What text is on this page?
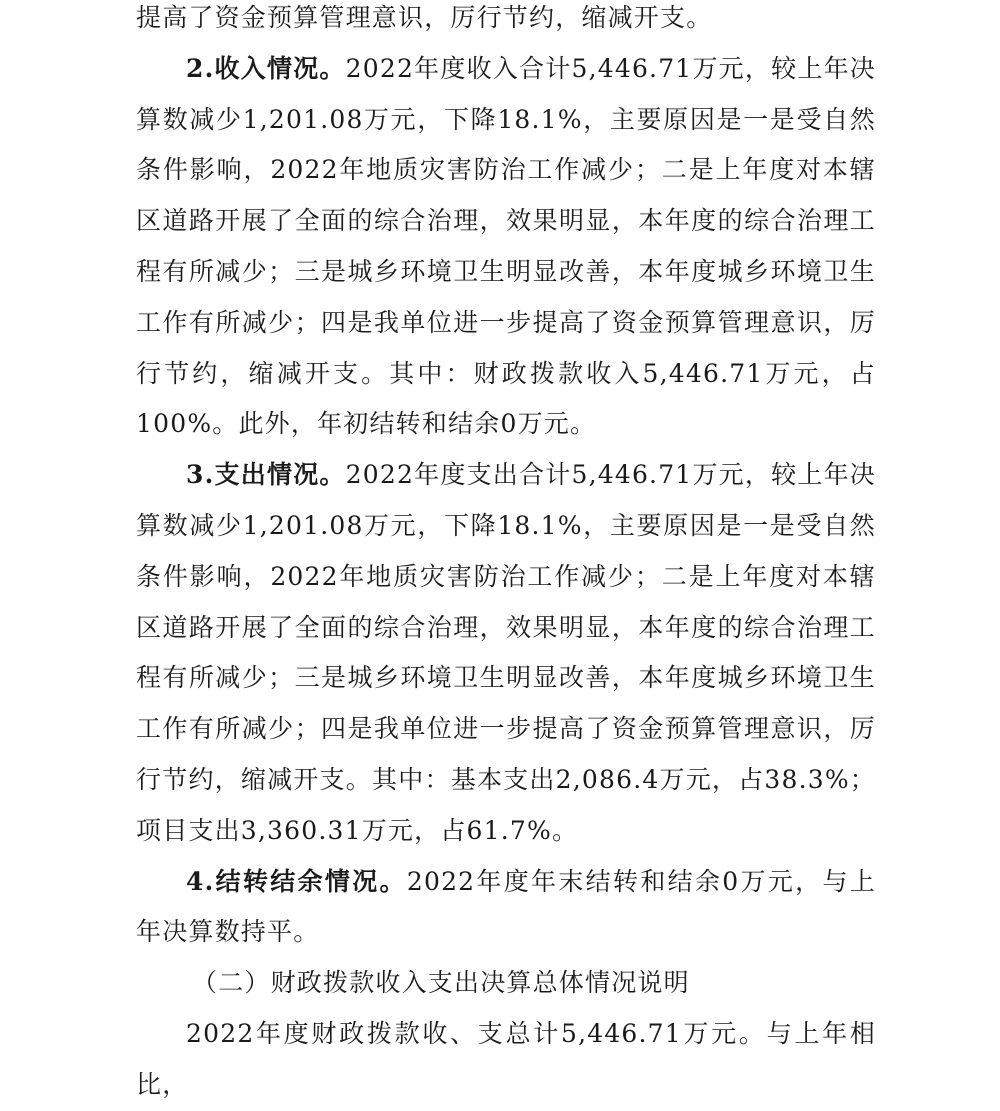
提高了资金预算管理意识，厉行节约，缩减开支。

2.收入情况。2022年度收入合计5,446.71万元，较上年决算数减少1,201.08万元，下降18.1%，主要原因是一是受自然条件影响，2022年地质灾害防治工作减少；二是上年度对本辖区道路开展了全面的综合治理，效果明显，本年度的综合治理工程有所减少；三是城乡环境卫生明显改善，本年度城乡环境卫生工作有所减少；四是我单位进一步提高了资金预算管理意识，厉行节约，缩减开支。其中：财政拨款收入5,446.71万元，占100%。此外，年初结转和结余0万元。

3.支出情况。2022年度支出合计5,446.71万元，较上年决算数减少1,201.08万元，下降18.1%，主要原因是一是受自然条件影响，2022年地质灾害防治工作减少；二是上年度对本辖区道路开展了全面的综合治理，效果明显，本年度的综合治理工程有所减少；三是城乡环境卫生明显改善，本年度城乡环境卫生工作有所减少；四是我单位进一步提高了资金预算管理意识，厉行节约，缩减开支。其中：基本支出2,086.4万元，占38.3%；项目支出3,360.31万元，占61.7%。

4.结转结余情况。2022年度年末结转和结余0万元，与上年决算数持平。

（二）财政拨款收入支出决算总体情况说明

2022年度财政拨款收、支总计5,446.71万元。与上年相比，
